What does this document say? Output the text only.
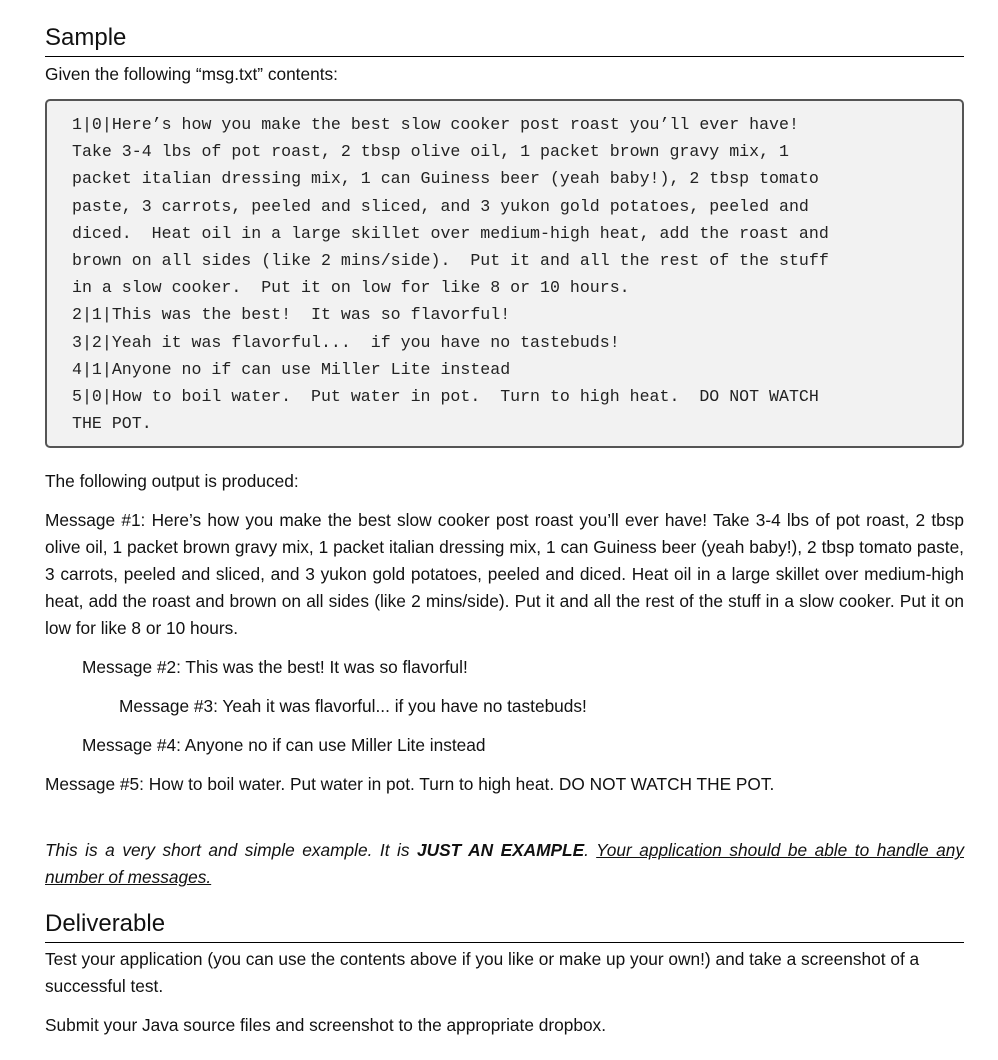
Sample

Given the following “msg.txt” contents:

1|0|Here’s how you make the best slow cooker post roast you’ll ever have!
Take 3-4 lbs of pot roast, 2 tbsp olive oil, 1 packet brown gravy mix, 1
packet italian dressing mix, 1 can Guiness beer (yeah baby!), 2 tbsp tomato
paste, 3 carrots, peeled and sliced, and 3 yukon gold potatoes, peeled and
diced.  Heat oil in a large skillet over medium-high heat, add the roast and
brown on all sides (like 2 mins/side).  Put it and all the rest of the stuff
in a slow cooker.  Put it on low for like 8 or 10 hours.
2|1|This was the best!  It was so flavorful!
3|2|Yeah it was flavorful...  if you have no tastebuds!
4|1|Anyone no if can use Miller Lite instead
5|0|How to boil water.  Put water in pot.  Turn to high heat.  DO NOT WATCH
THE POT.

The following output is produced:

Message #1: Here’s how you make the best slow cooker post roast you’ll ever have! Take 3-4 lbs of pot roast, 2 tbsp olive oil, 1 packet brown gravy mix, 1 packet italian dressing mix, 1 can Guiness beer (yeah baby!), 2 tbsp tomato paste, 3 carrots, peeled and sliced, and 3 yukon gold potatoes, peeled and diced. Heat oil in a large skillet over medium-high heat, add the roast and brown on all sides (like 2 mins/side). Put it and all the rest of the stuff in a slow cooker. Put it on low for like 8 or 10 hours.

Message #2: This was the best! It was so flavorful!

Message #3: Yeah it was flavorful... if you have no tastebuds!

Message #4: Anyone no if can use Miller Lite instead

Message #5: How to boil water. Put water in pot. Turn to high heat. DO NOT WATCH THE POT.

This is a very short and simple example. It is JUST AN EXAMPLE. Your application should be able to handle any number of messages.

Deliverable

Test your application (you can use the contents above if you like or make up your own!) and take a screenshot of a successful test.

Submit your Java source files and screenshot to the appropriate dropbox.
